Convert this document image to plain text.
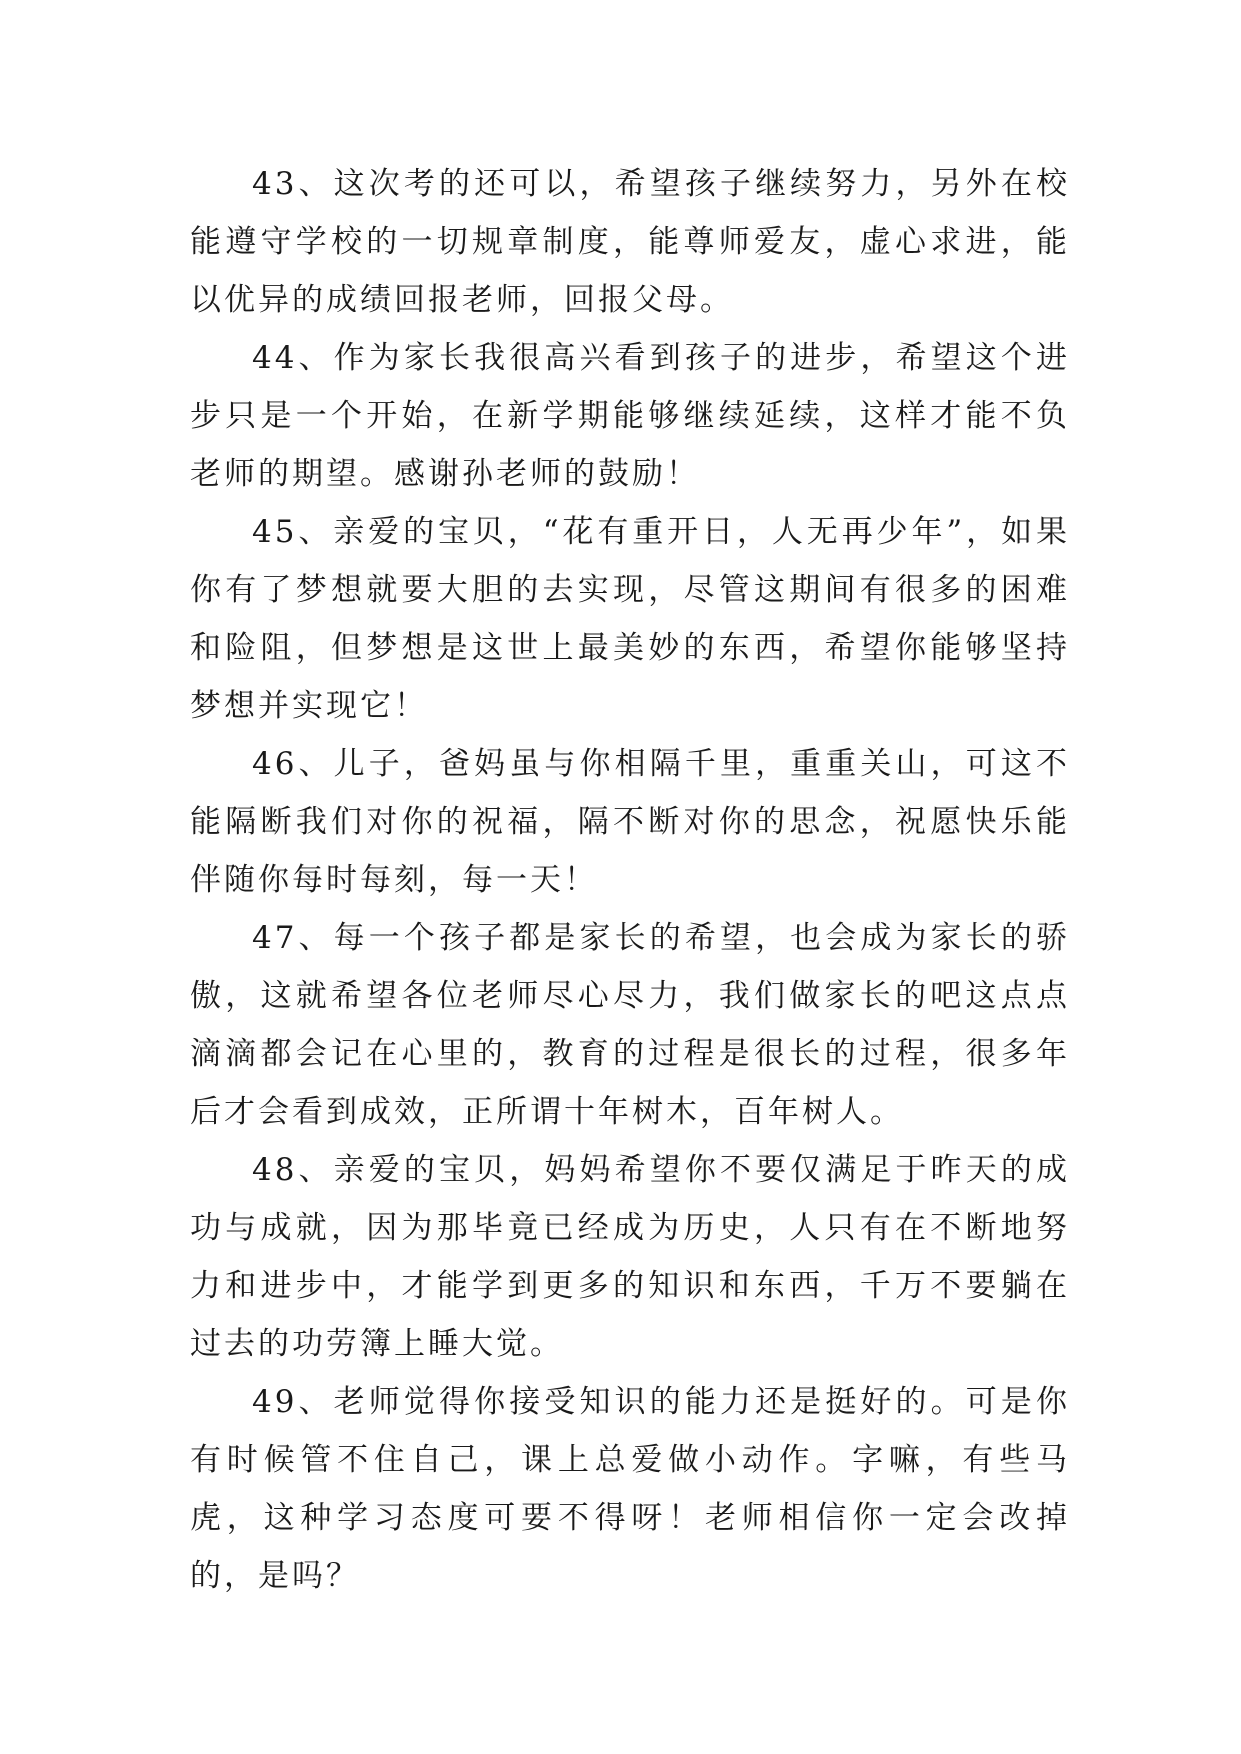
43、这次考的还可以，希望孩子继续努力，另外在校能遵守学校的一切规章制度，能尊师爱友，虚心求进，能以优异的成绩回报老师，回报父母。

44、作为家长我很高兴看到孩子的进步，希望这个进步只是一个开始，在新学期能够继续延续，这样才能不负老师的期望。感谢孙老师的鼓励！

45、亲爱的宝贝，“花有重开日，人无再少年”，如果你有了梦想就要大胆的去实现，尽管这期间有很多的困难和险阻，但梦想是这世上最美妙的东西，希望你能够坚持梦想并实现它！

46、儿子，爸妈虽与你相隔千里，重重关山，可这不能隔断我们对你的祝福，隔不断对你的思念，祝愿快乐能伴随你每时每刻，每一天！

47、每一个孩子都是家长的希望，也会成为家长的骄傲，这就希望各位老师尽心尽力，我们做家长的吧这点点滴滴都会记在心里的，教育的过程是很长的过程，很多年后才会看到成效，正所谓十年树木，百年树人。

48、亲爱的宝贝，妈妈希望你不要仅满足于昨天的成功与成就，因为那毕竟已经成为历史，人只有在不断地努力和进步中，才能学到更多的知识和东西，千万不要躺在过去的功劳簿上睡大觉。

49、老师觉得你接受知识的能力还是挺好的。可是你有时候管不住自己，课上总爱做小动作。字嘛，有些马虎，这种学习态度可要不得呀！老师相信你一定会改掉的，是吗？
